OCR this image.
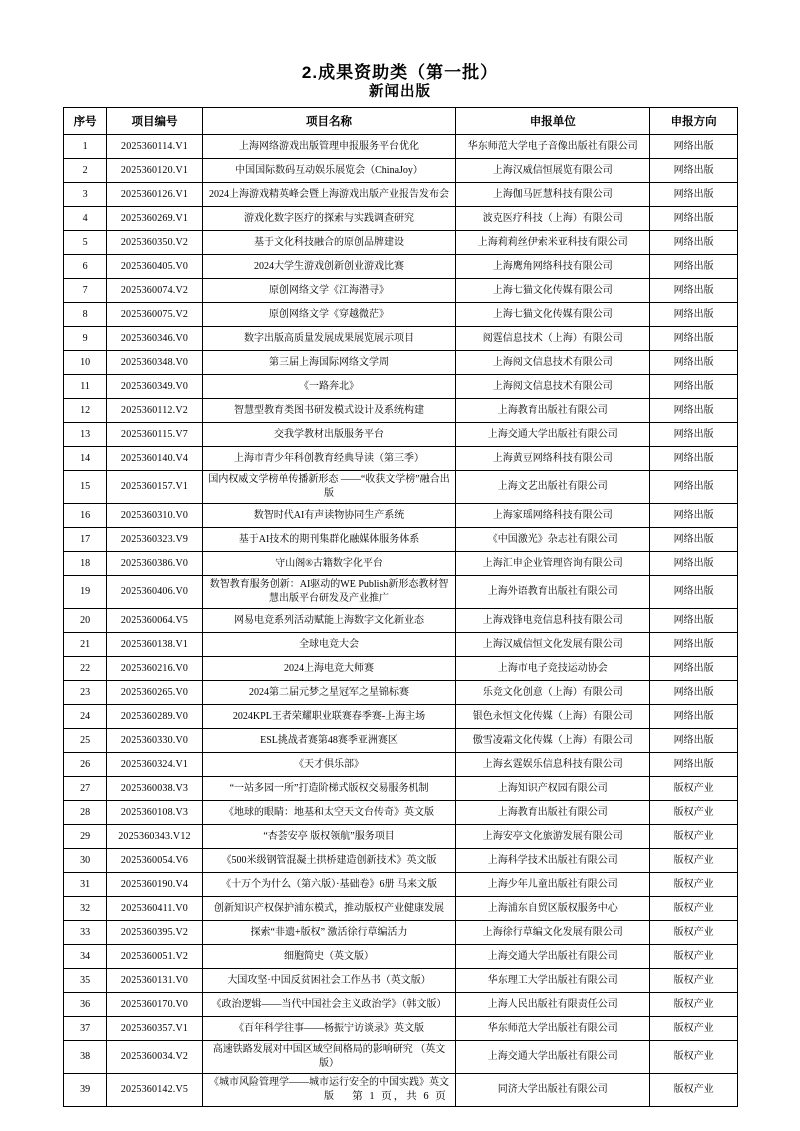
2.成果资助类（第一批）
新闻出版
序号	项目编号	项目名称	申报单位	申报方向
1	2025360114.V1	上海网络游戏出版管理申报服务平台优化	华东师范大学电子音像出版社有限公司	网络出版
2	2025360120.V1	中国国际数码互动娱乐展览会（ChinaJoy）	上海汉威信恒展览有限公司	网络出版
3	2025360126.V1	2024上海游戏精英峰会暨上海游戏出版产业报告发布会	上海伽马匠慧科技有限公司	网络出版
4	2025360269.V1	游戏化数字医疗的探索与实践调查研究	波克医疗科技（上海）有限公司	网络出版
5	2025360350.V2	基于文化科技融合的原创品牌建设	上海莉莉丝伊索米亚科技有限公司	网络出版
6	2025360405.V0	2024大学生游戏创新创业游戏比赛	上海鹰角网络科技有限公司	网络出版
7	2025360074.V2	原创网络文学《江海潜寻》	上海七猫文化传媒有限公司	网络出版
8	2025360075.V2	原创网络文学《穿越微茫》	上海七猫文化传媒有限公司	网络出版
9	2025360346.V0	数字出版高质量发展成果展览展示项目	阅霆信息技术（上海）有限公司	网络出版
10	2025360348.V0	第三届上海国际网络文学周	上海阅文信息技术有限公司	网络出版
11	2025360349.V0	《一路奔北》	上海阅文信息技术有限公司	网络出版
12	2025360112.V2	智慧型教育类图书研发模式设计及系统构建	上海教育出版社有限公司	网络出版
13	2025360115.V7	交我学教材出版服务平台	上海交通大学出版社有限公司	网络出版
14	2025360140.V4	上海市青少年科创教育经典导读（第三季）	上海黄豆网络科技有限公司	网络出版
15	2025360157.V1	国内权威文学榜单传播新形态 ——“收获文学榜”融合出版	上海文艺出版社有限公司	网络出版
16	2025360310.V0	数智时代AI有声读物协同生产系统	上海家瑶网络科技有限公司	网络出版
17	2025360323.V9	基于AI技术的期刊集群化融媒体服务体系	《中国激光》杂志社有限公司	网络出版
18	2025360386.V0	守山阁®古籍数字化平台	上海汇申企业管理咨询有限公司	网络出版
19	2025360406.V0	数智教育服务创新：AI驱动的WE Publish新形态教材智慧出版平台研发及产业推广	上海外语教育出版社有限公司	网络出版
20	2025360064.V5	网易电竞系列活动赋能上海数字文化新业态	上海戏锋电竞信息科技有限公司	网络出版
21	2025360138.V1	全球电竞大会	上海汉威信恒文化发展有限公司	网络出版
22	2025360216.V0	2024上海电竞大师赛	上海市电子竞技运动协会	网络出版
23	2025360265.V0	2024第二届元梦之星冠军之星锦标赛	乐竞文化创意（上海）有限公司	网络出版
24	2025360289.V0	2024KPL王者荣耀职业联赛春季赛-上海主场	银色永恒文化传媒（上海）有限公司	网络出版
25	2025360330.V0	ESL挑战者赛第48赛季亚洲赛区	傲雪凌霜文化传媒（上海）有限公司	网络出版
26	2025360324.V1	《天才俱乐部》	上海玄霆娱乐信息科技有限公司	网络出版
27	2025360038.V3	“一站多园一所”打造阶梯式版权交易服务机制	上海知识产权园有限公司	版权产业
28	2025360108.V3	《地球的眼睛：地基和太空天文台传奇》英文版	上海教育出版社有限公司	版权产业
29	2025360343.V12	“杏荟安亭 版权领航”服务项目	上海安亭文化旅游发展有限公司	版权产业
30	2025360054.V6	《500米级钢管混凝土拱桥建造创新技术》英文版	上海科学技术出版社有限公司	版权产业
31	2025360190.V4	《十万个为什么（第六版）·基础卷》6册 马来文版	上海少年儿童出版社有限公司	版权产业
32	2025360411.V0	创新知识产权保护浦东模式，推动版权产业健康发展	上海浦东自贸区版权服务中心	版权产业
33	2025360395.V2	探索“非遗+版权” 激活徐行草编活力	上海徐行草编文化发展有限公司	版权产业
34	2025360051.V2	细胞简史（英文版）	上海交通大学出版社有限公司	版权产业
35	2025360131.V0	大国攻坚·中国反贫困社会工作丛书（英文版）	华东理工大学出版社有限公司	版权产业
36	2025360170.V0	《政治逻辑——当代中国社会主义政治学》（韩文版）	上海人民出版社有限责任公司	版权产业
37	2025360357.V1	《百年科学往事——杨振宁访谈录》英文版	华东师范大学出版社有限公司	版权产业
38	2025360034.V2	高速铁路发展对中国区域空间格局的影响研究 （英文版）	上海交通大学出版社有限公司	版权产业
39	2025360142.V5	《城市风险管理学——城市运行安全的中国实践》英文版	同济大学出版社有限公司	版权产业
第 1 页，共 6 页
